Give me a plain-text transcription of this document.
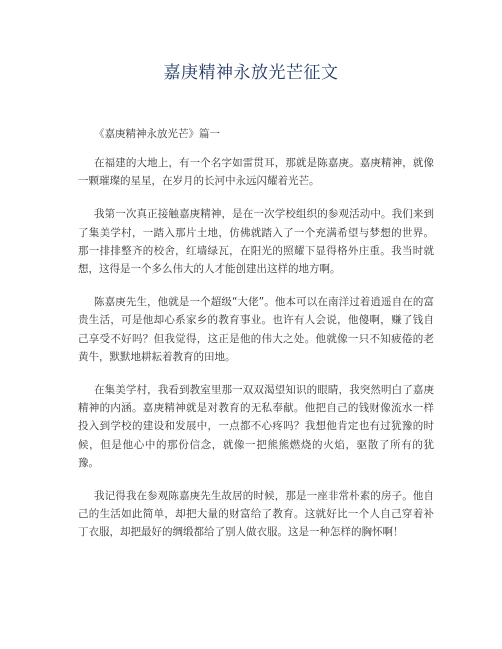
嘉庚精神永放光芒征文
《嘉庚精神永放光芒》篇一

在福建的大地上，有一个名字如雷贯耳，那就是陈嘉庚。嘉庚精神，就像一颗璀璨的星星，在岁月的长河中永远闪耀着光芒。

我第一次真正接触嘉庚精神，是在一次学校组织的参观活动中。我们来到了集美学村，一踏入那片土地，仿佛就踏入了一个充满希望与梦想的世界。那一排排整齐的校舍，红墙绿瓦，在阳光的照耀下显得格外庄重。我当时就想，这得是一个多么伟大的人才能创建出这样的地方啊。

陈嘉庚先生，他就是一个超级“大佬”。他本可以在南洋过着逍遥自在的富贵生活，可是他却心系家乡的教育事业。也许有人会说，他傻啊，赚了钱自己享受不好吗？但我觉得，这正是他的伟大之处。他就像一只不知疲倦的老黄牛，默默地耕耘着教育的田地。

在集美学村，我看到教室里那一双双渴望知识的眼睛，我突然明白了嘉庚精神的内涵。嘉庚精神就是对教育的无私奉献。他把自己的钱财像流水一样投入到学校的建设和发展中，一点都不心疼吗？我想他肯定也有过犹豫的时候，但是他心中的那份信念，就像一把熊熊燃烧的火焰，驱散了所有的犹豫。

我记得我在参观陈嘉庚先生故居的时候，那是一座非常朴素的房子。他自己的生活如此简单，却把大量的财富给了教育。这就好比一个人自己穿着补丁衣服，却把最好的绸缎都给了别人做衣服。这是一种怎样的胸怀啊！
